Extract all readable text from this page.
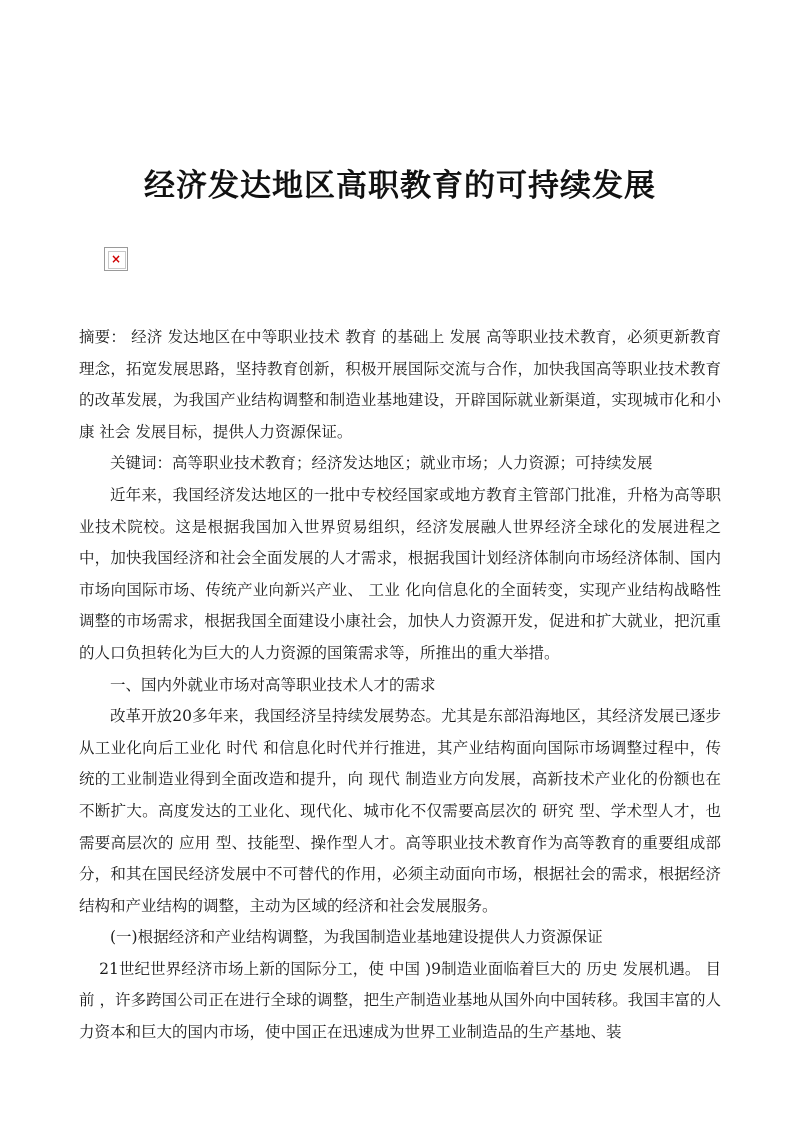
经济发达地区高职教育的可持续发展
×

摘要： 经济 发达地区在中等职业技术 教育 的基础上 发展 高等职业技术教育，必须更新教育理念，拓宽发展思路，坚持教育创新，积极开展国际交流与合作，加快我国高等职业技术教育的改革发展，为我国产业结构调整和制造业基地建设，开辟国际就业新渠道，实现城市化和小康 社会 发展目标，提供人力资源保证。

关键词：高等职业技术教育；经济发达地区；就业市场；人力资源；可持续发展

近年来，我国经济发达地区的一批中专校经国家或地方教育主管部门批准，升格为高等职业技术院校。这是根据我国加入世界贸易组织，经济发展融人世界经济全球化的发展进程之中，加快我国经济和社会全面发展的人才需求，根据我国计划经济体制向市场经济体制、国内市场向国际市场、传统产业向新兴产业、 工业 化向信息化的全面转变，实现产业结构战略性调整的市场需求，根据我国全面建设小康社会，加快人力资源开发，促进和扩大就业，把沉重的人口负担转化为巨大的人力资源的国策需求等，所推出的重大举措。

一、国内外就业市场对高等职业技术人才的需求

改革开放20多年来，我国经济呈持续发展势态。尤其是东部沿海地区，其经济发展已逐步从工业化向后工业化 时代 和信息化时代并行推进，其产业结构面向国际市场调整过程中，传统的工业制造业得到全面改造和提升，向 现代 制造业方向发展，高新技术产业化的份额也在不断扩大。高度发达的工业化、现代化、城市化不仅需要高层次的 研究 型、学术型人才，也需要高层次的 应用 型、技能型、操作型人才。高等职业技术教育作为高等教育的重要组成部分，和其在国民经济发展中不可替代的作用，必须主动面向市场，根据社会的需求，根据经济结构和产业结构的调整，主动为区域的经济和社会发展服务。

(一)根据经济和产业结构调整，为我国制造业基地建设提供人力资源保证

21世纪世界经济市场上新的国际分工，使 中国 )9制造业面临着巨大的 历史 发展机遇。 目前 ，许多跨国公司正在进行全球的调整，把生产制造业基地从国外向中国转移。我国丰富的人力资本和巨大的国内市场，使中国正在迅速成为世界工业制造品的生产基地、装
